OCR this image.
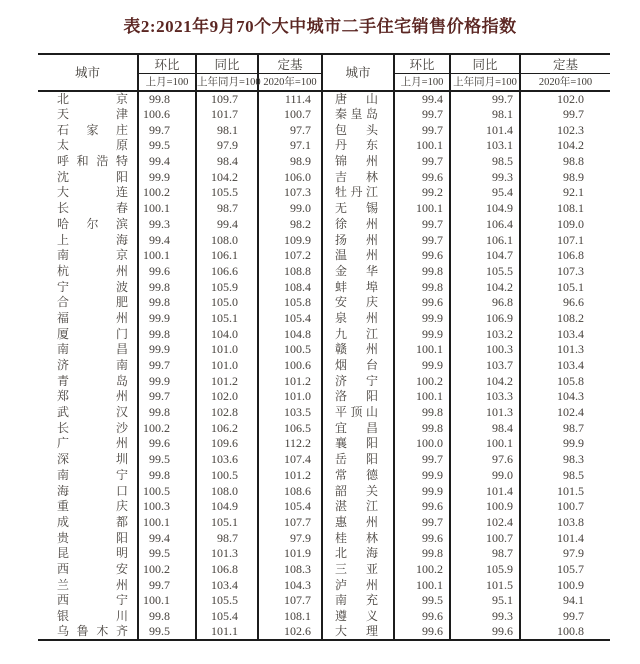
表2:2021年9月70个大中城市二手住宅销售价格指数
城市	环比	同比	定基	城市	环比	同比	定基
	上月=100	上年同月=100	2020年=100		上月=100	上年同月=100	2020年=100

北京	99.8	109.7	111.4	唐山	99.4	99.7	102.0

天津	100.6	101.7	100.7	秦皇岛	99.7	98.1	99.7

石家庄	99.7	98.1	97.7	包头	99.7	101.4	102.3

太原	99.5	97.9	97.1	丹东	100.1	103.1	104.2

呼和浩特	99.4	98.4	98.9	锦州	99.7	98.5	98.8

沈阳	99.9	104.2	106.0	吉林	99.6	99.3	98.9

大连	100.2	105.5	107.3	牡丹江	99.2	95.4	92.1

长春	100.1	98.7	99.0	无锡	100.1	104.9	108.1

哈尔滨	99.3	99.4	98.2	徐州	99.7	106.4	109.0

上海	99.4	108.0	109.9	扬州	99.7	106.1	107.1

南京	100.1	106.1	107.2	温州	99.6	104.7	106.8

杭州	99.6	106.6	108.8	金华	99.8	105.5	107.3

宁波	99.8	105.9	108.4	蚌埠	99.8	104.2	105.1

合肥	99.8	105.0	105.8	安庆	99.6	96.8	96.6

福州	99.9	105.1	105.4	泉州	99.9	106.9	108.2

厦门	99.8	104.0	104.8	九江	99.9	103.2	103.4

南昌	99.9	101.0	100.5	赣州	100.1	100.3	101.3

济南	99.7	101.0	100.6	烟台	99.9	103.7	103.4

青岛	99.9	101.2	101.2	济宁	100.2	104.2	105.8

郑州	99.7	102.0	101.0	洛阳	100.1	103.3	104.3

武汉	99.8	102.8	103.5	平顶山	99.8	101.3	102.4

长沙	100.2	106.2	106.5	宜昌	99.8	98.4	98.7

广州	99.6	109.6	112.2	襄阳	100.0	100.1	99.9

深圳	99.5	103.6	107.4	岳阳	99.7	97.6	98.3

南宁	99.8	100.5	101.2	常德	99.9	99.0	98.5

海口	100.5	108.0	108.6	韶关	99.9	101.4	101.5

重庆	100.3	104.9	105.4	湛江	99.6	100.9	100.7

成都	100.1	105.1	107.7	惠州	99.7	102.4	103.8

贵阳	99.4	98.7	97.9	桂林	99.6	100.7	101.4

昆明	99.5	101.3	101.9	北海	99.8	98.7	97.9

西安	100.2	106.8	108.3	三亚	100.2	105.9	105.7

兰州	99.7	103.4	104.3	泸州	100.1	101.5	100.9

西宁	100.1	105.5	107.7	南充	99.5	95.1	94.1

银川	99.8	105.4	108.1	遵义	99.6	99.3	99.7

乌鲁木齐	99.5	101.1	102.6	大理	99.6	99.6	100.8
